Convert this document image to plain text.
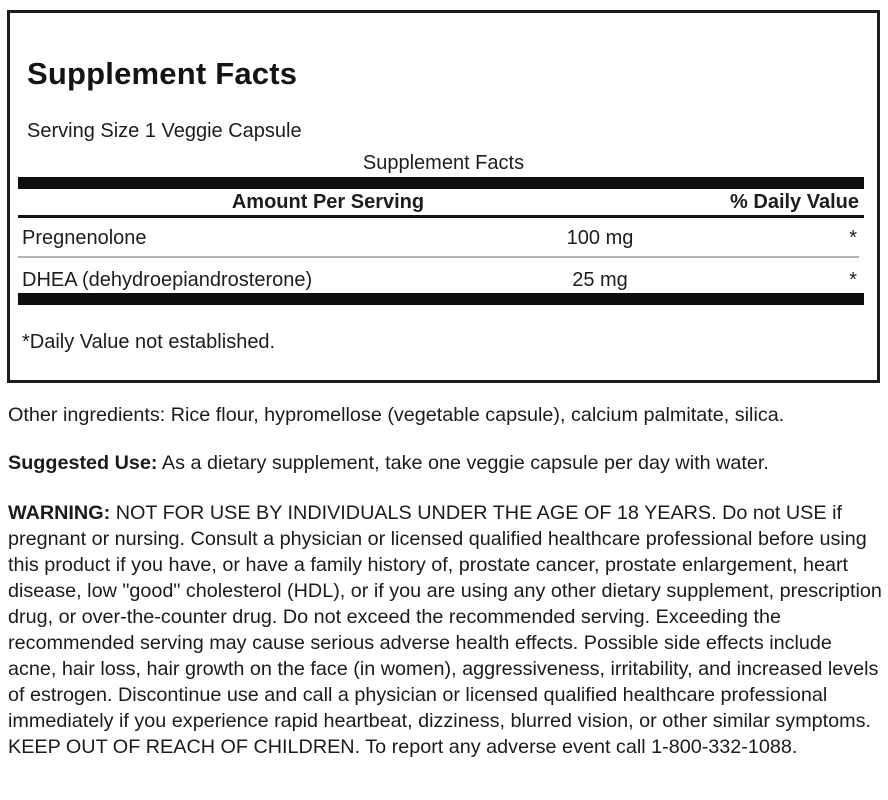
Supplement Facts
Serving Size 1 Veggie Capsule
Supplement Facts
Amount Per Serving	% Daily Value
Pregnenolone	100 mg	*
DHEA (dehydroepiandrosterone)	25 mg	*
*Daily Value not established.

Other ingredients: Rice flour, hypromellose (vegetable capsule), calcium palmitate, silica.

Suggested Use: As a dietary supplement, take one veggie capsule per day with water.

WARNING: NOT FOR USE BY INDIVIDUALS UNDER THE AGE OF 18 YEARS. Do not USE if pregnant or nursing. Consult a physician or licensed qualified healthcare professional before using this product if you have, or have a family history of, prostate cancer, prostate enlargement, heart disease, low "good" cholesterol (HDL), or if you are using any other dietary supplement, prescription drug, or over-the-counter drug. Do not exceed the recommended serving. Exceeding the recommended serving may cause serious adverse health effects. Possible side effects include acne, hair loss, hair growth on the face (in women), aggressiveness, irritability, and increased levels of estrogen. Discontinue use and call a physician or licensed qualified healthcare professional immediately if you experience rapid heartbeat, dizziness, blurred vision, or other similar symptoms. KEEP OUT OF REACH OF CHILDREN. To report any adverse event call 1-800-332-1088.
